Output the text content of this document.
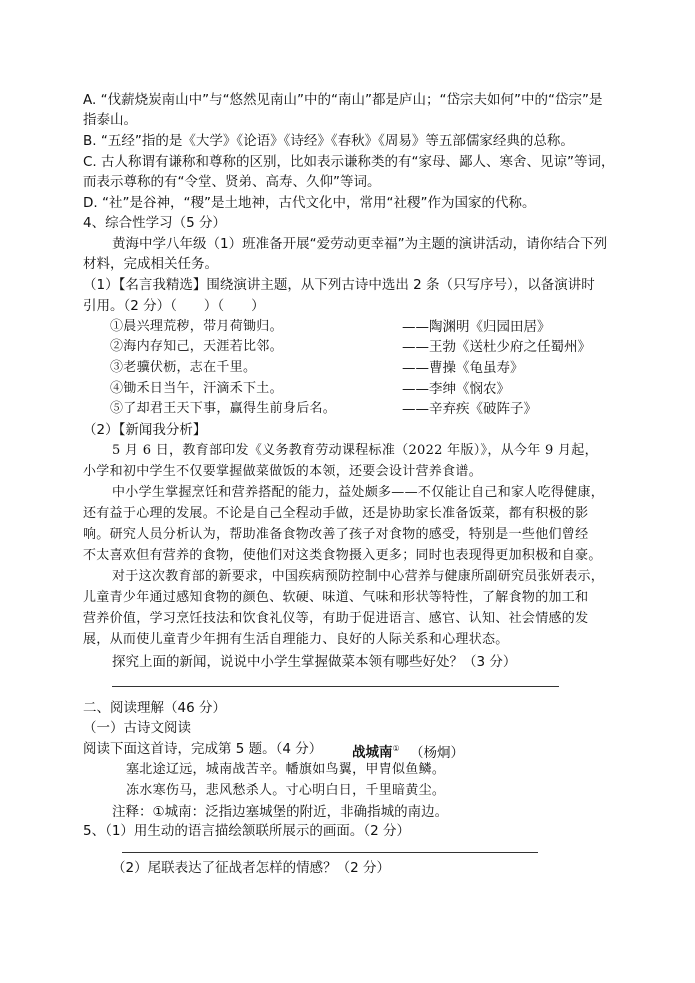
A. “伐薪烧炭南山中”与“悠然见南山”中的“南山”都是庐山；“岱宗夫如何”中的“岱宗”是
指泰山。
B. “五经”指的是《大学》《论语》《诗经》《春秋》《周易》等五部儒家经典的总称。
C. 古人称谓有谦称和尊称的区别，比如表示谦称类的有“家母、鄙人、寒舍、见谅”等词，
而表示尊称的有“令堂、贤弟、高寿、久仰”等词。
D. “社”是谷神，“稷”是土地神，古代文化中，常用“社稷”作为国家的代称。
4、综合性学习（5 分）
黄海中学八年级（1）班准备开展“爱劳动更幸福”为主题的演讲活动，请你结合下列
材料，完成相关任务。
（1）【名言我精选】围绕演讲主题，从下列古诗中选出 2 条（只写序号），以备演讲时
引用。（2 分）（　　）（　　）
①晨兴理荒秽，带月荷锄归。	——陶渊明《归园田居》
②海内存知己，天涯若比邻。	——王勃《送杜少府之任蜀州》
③老骥伏枥，志在千里。	——曹操《龟虽寿》
④锄禾日当午，汗滴禾下土。	——李绅《悯农》
⑤了却君王天下事，赢得生前身后名。	——辛弃疾《破阵子》
（2）【新闻我分析】
5 月 6 日，教育部印发《义务教育劳动课程标准（2022 年版）》，从今年 9 月起，
小学和初中学生不仅要掌握做菜做饭的本领，还要会设计营养食谱。
中小学生掌握烹饪和营养搭配的能力，益处颇多——不仅能让自己和家人吃得健康，
还有益于心理的发展。不论是自己全程动手做，还是协助家长准备饭菜，都有积极的影
响。研究人员分析认为，帮助准备食物改善了孩子对食物的感受，特别是一些他们曾经
不太喜欢但有营养的食物，使他们对这类食物摄入更多；同时也表现得更加积极和自豪。
对于这次教育部的新要求，中国疾病预防控制中心营养与健康所副研究员张妍表示，
儿童青少年通过感知食物的颜色、软硬、味道、气味和形状等特性，了解食物的加工和
营养价值，学习烹饪技法和饮食礼仪等，有助于促进语言、感官、认知、社会情感的发
展，从而使儿童青少年拥有生活自理能力、良好的人际关系和心理状态。
探究上面的新闻，说说中小学生掌握做菜本领有哪些好处？（3 分）
二、阅读理解（46 分）
（一）古诗文阅读
阅读下面这首诗，完成第 5 题。（4 分） 战城南① （杨炯）
塞北途辽远，城南战苦辛。幡旗如鸟翼，甲胄似鱼鳞。
冻水寒伤马，悲风愁杀人。寸心明白日，千里暗黄尘。
注释：①城南：泛指边塞城堡的附近，非确指城的南边。
5、（1）用生动的语言描绘颔联所展示的画面。（2 分）
（2）尾联表达了征战者怎样的情感？（2 分）
